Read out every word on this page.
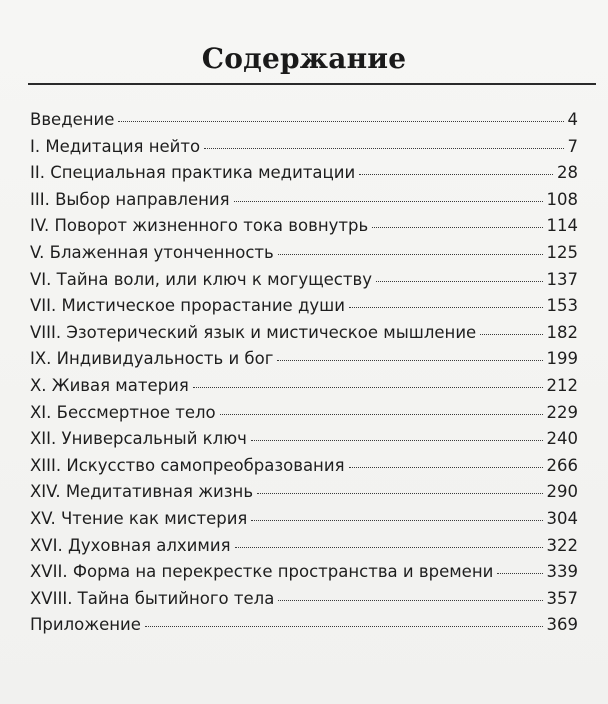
Содержание
Введение	4
I. Медитация нейто	7
II. Специальная практика медитации	28
III. Выбор направления	108
IV. Поворот жизненного тока вовнутрь	114
V. Блаженная утонченность	125
VI. Тайна воли, или ключ к могуществу	137
VII. Мистическое прорастание души	153
VIII. Эзотерический язык и мистическое мышление	182
IX. Индивидуальность и бог	199
X. Живая материя	212
XI. Бессмертное тело	229
XII. Универсальный ключ	240
XIII. Искусство самопреобразования	266
XIV. Медитативная жизнь	290
XV. Чтение как мистерия	304
XVI. Духовная алхимия	322
XVII. Форма на перекрестке пространства и времени	339
XVIII. Тайна бытийного тела	357
Приложение	369
